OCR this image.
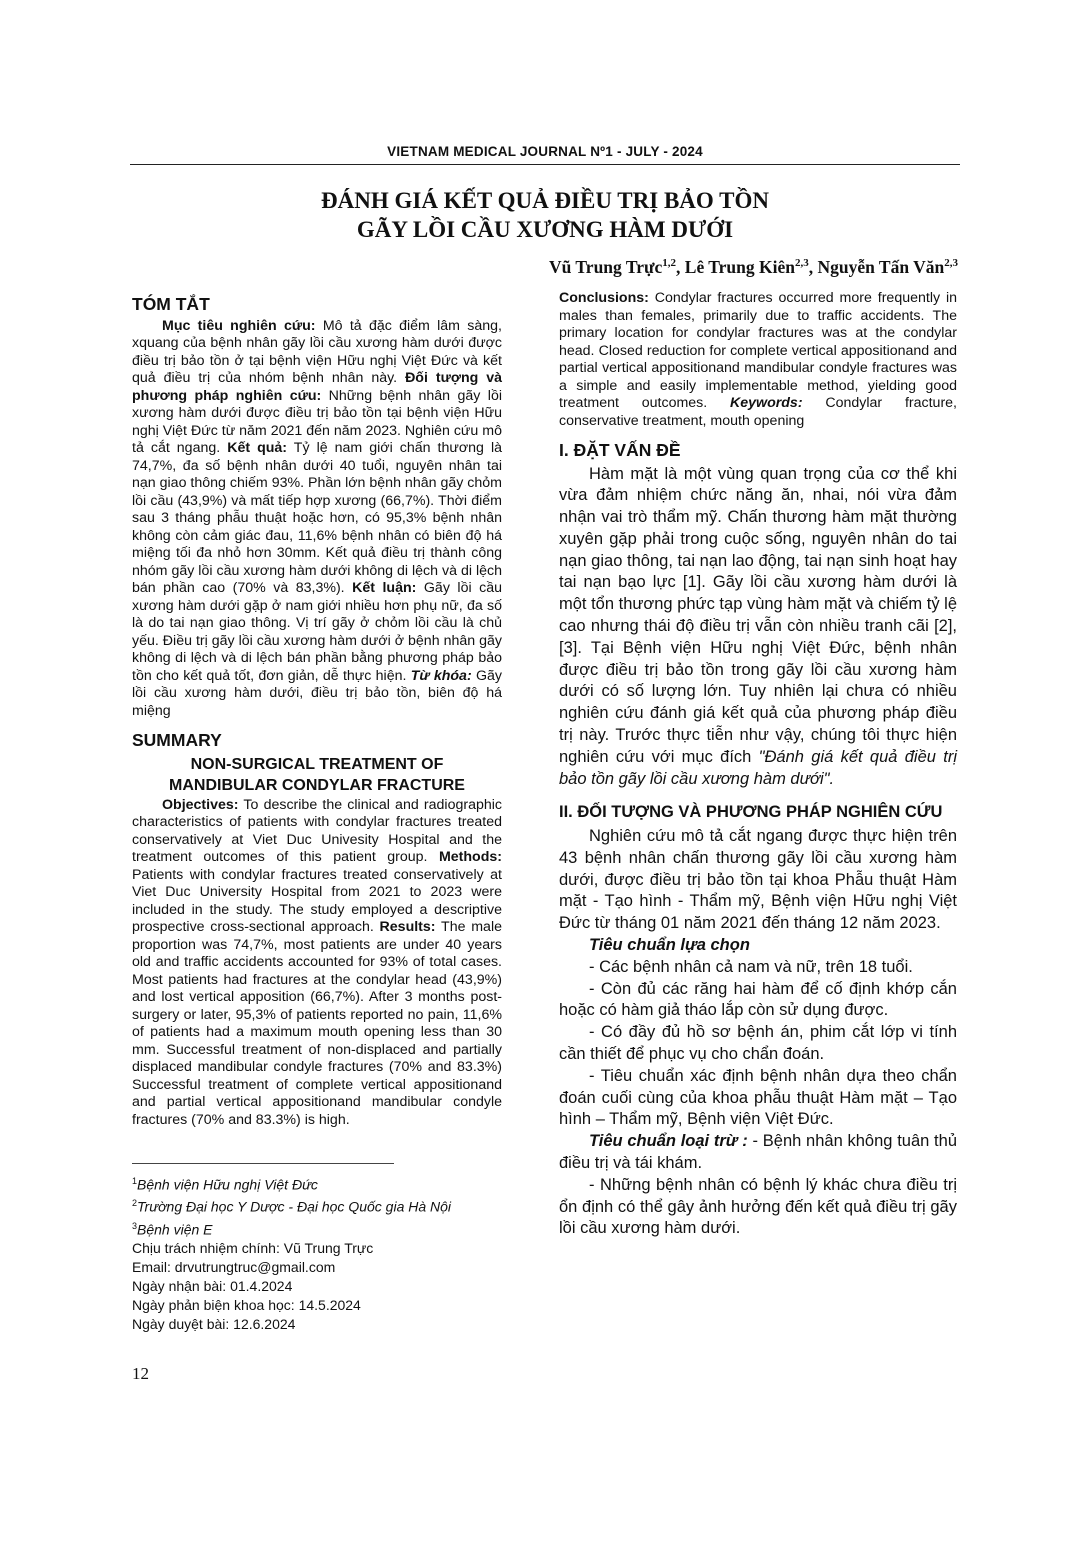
VIETNAM MEDICAL JOURNAL Nº1 - JULY - 2024
ĐÁNH GIÁ KẾT QUẢ ĐIỀU TRỊ BẢO TỒN
GÃY LỒI CẦU XƯƠNG HÀM DƯỚI
Vũ Trung Trực$^{1,2}$, Lê Trung Kiên$^{2,3}$, Nguyễn Tấn Văn$^{2,3}$
TÓM TẮT

Mục tiêu nghiên cứu: Mô tả đặc điểm lâm sàng, xquang của bệnh nhân gãy lồi cầu xương hàm dưới được điều trị bảo tồn ở tại bệnh viện Hữu nghị Việt Đức và kết quả điều trị của nhóm bệnh nhân này. Đối tượng và phương pháp nghiên cứu: Những bệnh nhân gãy lồi xương hàm dưới được điều trị bảo tồn tại bệnh viện Hữu nghị Việt Đức từ năm 2021 đến năm 2023. Nghiên cứu mô tả cắt ngang. Kết quả: Tỷ lệ nam giới chấn thương là 74,7%, đa số bệnh nhân dưới 40 tuổi, nguyên nhân tai nạn giao thông chiếm 93%. Phần lớn bệnh nhân gãy chỏm lồi cầu (43,9%) và mất tiếp hợp xương (66,7%). Thời điểm sau 3 tháng phẫu thuật hoặc hơn, có 95,3% bệnh nhân không còn cảm giác đau, 11,6% bệnh nhân có biên độ há miệng tối đa nhỏ hơn 30mm. Kết quả điều trị thành công nhóm gãy lồi cầu xương hàm dưới không di lệch và di lệch bán phần cao (70% và 83,3%). Kết luận: Gãy lồi cầu xương hàm dưới gặp ở nam giới nhiều hơn phụ nữ, đa số là do tai nạn giao thông. Vị trí gãy ở chỏm lồi cầu là chủ yếu. Điều trị gãy lồi cầu xương hàm dưới ở bệnh nhân gãy không di lệch và di lệch bán phần bằng phương pháp bảo tồn cho kết quả tốt, đơn giản, dễ thực hiện. Từ khóa: Gãy lồi cầu xương hàm dưới, điều trị bảo tồn, biên độ há miệng

SUMMARY
NON-SURGICAL TREATMENT OF
MANDIBULAR CONDYLAR FRACTURE

Objectives: To describe the clinical and radiographic characteristics of patients with condylar fractures treated conservatively at Viet Duc Univesity Hospital and the treatment outcomes of this patient group. Methods: Patients with condylar fractures treated conservatively at Viet Duc University Hospital from 2021 to 2023 were included in the study. The study employed a descriptive prospective cross-sectional approach. Results: The male proportion was 74,7%, most patients are under 40 years old and traffic accidents accounted for 93% of total cases. Most patients had fractures at the condylar head (43,9%) and lost vertical apposition (66,7%). After 3 months post-surgery or later, 95,3% of patients reported no pain, 11,6% of patients had a maximum mouth opening less than 30 mm. Successful treatment of non-displaced and partially displaced mandibular condyle fractures (70% and 83.3%) Successful treatment of complete vertical appositionand and partial vertical appositionand mandibular condyle fractures (70% and 83.3%) is high.

$^1$Bệnh viện Hữu nghị Việt Đức

$^2$Trường Đại học Y Dược - Đại học Quốc gia Hà Nội

$^3$Bệnh viện E

Chịu trách nhiệm chính: Vũ Trung Trực

Email: drvutrungtruc@gmail.com

Ngày nhận bài: 01.4.2024

Ngày phản biện khoa học: 14.5.2024

Ngày duyệt bài: 12.6.2024

Conclusions: Condylar fractures occurred more frequently in males than females, primarily due to traffic accidents. The primary location for condylar fractures was at the condylar head. Closed reduction for complete vertical appositionand and partial vertical appositionand mandibular condyle fractures was a simple and easily implementable method, yielding good treatment outcomes. Keywords: Condylar fracture, conservative treatment, mouth opening

I. ĐẶT VẤN ĐỀ

Hàm mặt là một vùng quan trọng của cơ thể khi vừa đảm nhiệm chức năng ăn, nhai, nói vừa đảm nhận vai trò thẩm mỹ. Chấn thương hàm mặt thường xuyên gặp phải trong cuộc sống, nguyên nhân do tai nạn giao thông, tai nạn lao động, tai nạn sinh hoạt hay tai nạn bạo lực [1]. Gãy lồi cầu xương hàm dưới là một tổn thương phức tạp vùng hàm mặt và chiếm tỷ lệ cao nhưng thái độ điều trị vẫn còn nhiều tranh cãi [2],[3]. Tại Bệnh viện Hữu nghị Việt Đức, bệnh nhân được điều trị bảo tồn trong gãy lồi cầu xương hàm dưới có số lượng lớn. Tuy nhiên lại chưa có nhiều nghiên cứu đánh giá kết quả của phương pháp điều trị này. Trước thực tiễn như vậy, chúng tôi thực hiện nghiên cứu với mục đích "Đánh giá kết quả điều trị bảo tồn gãy lồi cầu xương hàm dưới".

II. ĐỐI TƯỢNG VÀ PHƯƠNG PHÁP NGHIÊN CỨU

Nghiên cứu mô tả cắt ngang được thực hiện trên 43 bệnh nhân chấn thương gãy lồi cầu xương hàm dưới, được điều trị bảo tồn tại khoa Phẫu thuật Hàm mặt - Tạo hình - Thẩm mỹ, Bệnh viện Hữu nghị Việt Đức từ tháng 01 năm 2021 đến tháng 12 năm 2023.

Tiêu chuẩn lựa chọn

- Các bệnh nhân cả nam và nữ, trên 18 tuổi.

- Còn đủ các răng hai hàm để cố định khớp cắn hoặc có hàm giả tháo lắp còn sử dụng được.

- Có đầy đủ hồ sơ bệnh án, phim cắt lớp vi tính cần thiết để phục vụ cho chẩn đoán.

- Tiêu chuẩn xác định bệnh nhân dựa theo chẩn đoán cuối cùng của khoa phẫu thuật Hàm mặt – Tạo hình – Thẩm mỹ, Bệnh viện Việt Đức.

Tiêu chuẩn loại trừ : - Bệnh nhân không tuân thủ điều trị và tái khám.

- Những bệnh nhân có bệnh lý khác chưa điều trị ổn định có thể gây ảnh hưởng đến kết quả điều trị gãy lồi cầu xương hàm dưới.

12
